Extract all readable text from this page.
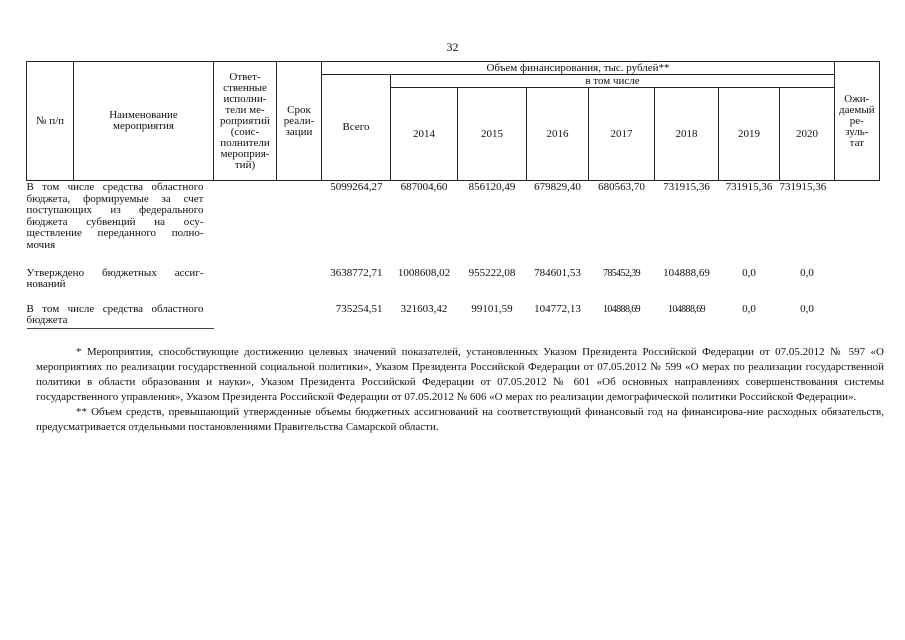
32
№ п/п	Наименование мероприятия	Ответ-ственные исполни-тели ме-роприятий (соис-полнители мероприя-тий)	Срок реали-зации	Объем финансирования, тыс. рублей**								Ожи-даемый ре-зуль-тат
				Всего	в том числе							
					2014	2015	2016	2017	2018	2019	2020	
В том числе средства областного бюджета, формируемые за счет поступающих из федерального бюджета субвенций на осу-ществление переданного полно-мочия				5099264,27	687004,60	856120,49	679829,40	680563,70	731915,36	731915,36	731915,36	
Утверждено бюджетных ассиг-нований				3638772,71	1008608,02	955222,08	784601,53	785452,39	104888,69	0,0	0,0	
В том числе средства областного бюджета				735254,51	321603,42	99101,59	104772,13	104888,69	104888,69	0,0	0,0	

* Мероприятия, способствующие достижению целевых значений показателей, установленных Указом Президента Российской Федерации от 07.05.2012 № 597 «О мероприятиях по реализации государственной социальной политики», Указом Президента Российской Федерации от 07.05.2012 № 599 «О мерах по реализации государственной политики в области образования и науки», Указом Президента Российской Федерации от 07.05.2012 № 601 «Об основных направлениях совершенствования системы государственного управления», Указом Президента Российской Федерации от 07.05.2012 № 606 «О мерах по реализации демографической политики Российской Федерации».

** Объем средств, превышающий утвержденные объемы бюджетных ассигнований на соответствующий финансовый год на финансирова-ние расходных обязательств, предусматривается отдельными постановлениями Правительства Самарской области.
